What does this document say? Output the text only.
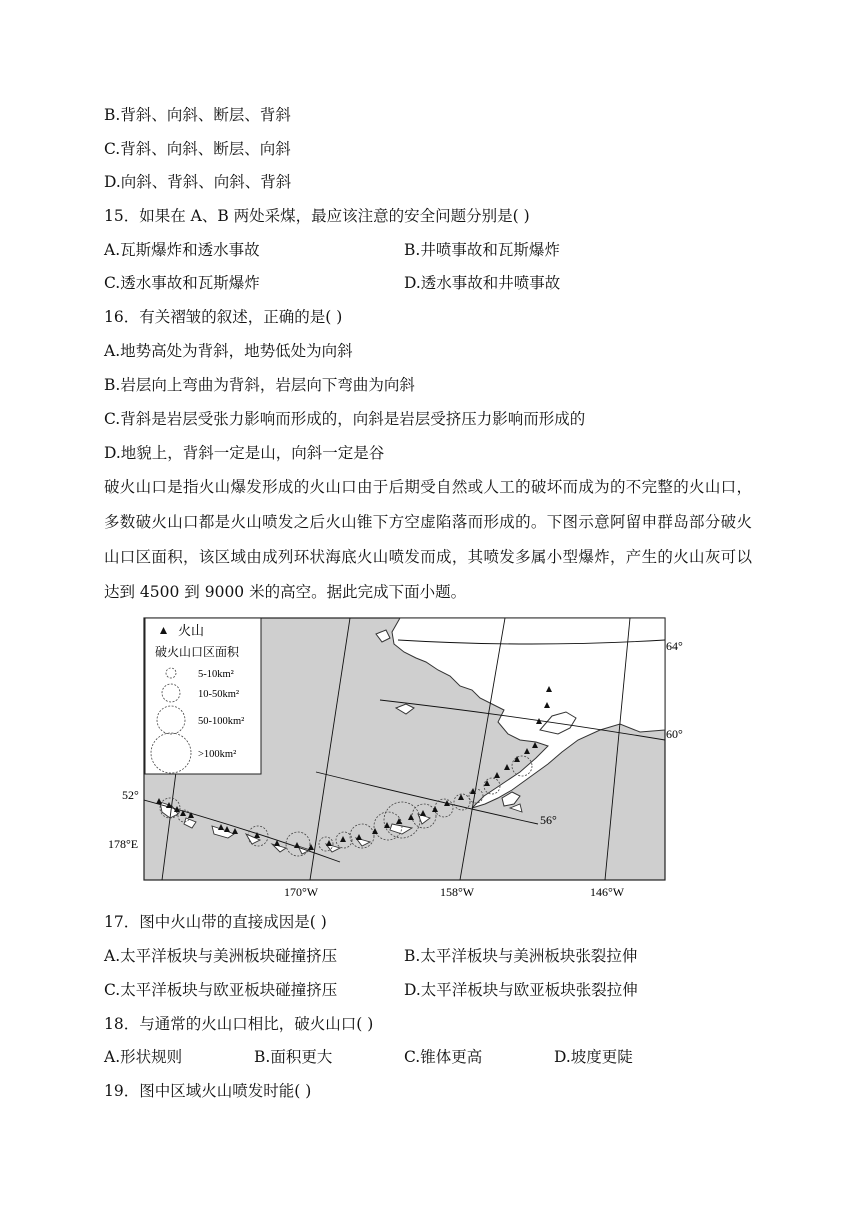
B.背斜、向斜、断层、背斜
C.背斜、向斜、断层、向斜
D.向斜、背斜、向斜、背斜
15．如果在 A、B 两处采煤，最应该注意的安全问题分别是( )
A.瓦斯爆炸和透水事故	B.井喷事故和瓦斯爆炸
C.透水事故和瓦斯爆炸	D.透水事故和井喷事故
16．有关褶皱的叙述，正确的是( )
A.地势高处为背斜，地势低处为向斜
B.岩层向上弯曲为背斜，岩层向下弯曲为向斜
C.背斜是岩层受张力影响而形成的，向斜是岩层受挤压力影响而形成的
D.地貌上，背斜一定是山，向斜一定是谷
破火山口是指火山爆发形成的火山口由于后期受自然或人工的破坏而成为的不完整的火山口，多数破火山口都是火山喷发之后火山锥下方空虚陷落而形成的。下图示意阿留申群岛部分破火山口区面积，该区域由成列环状海底火山喷发而成，其喷发多属小型爆炸，产生的火山灰可以达到 4500 到 9000 米的高空。据此完成下面小题。
火山
破火山口区面积
5-10km²
10-50km²
50-100km²
>100km²
64°
60°
56°
52°
178°E
170°W	158°W	146°W
17．图中火山带的直接成因是( )
A.太平洋板块与美洲板块碰撞挤压	B.太平洋板块与美洲板块张裂拉伸
C.太平洋板块与欧亚板块碰撞挤压	D.太平洋板块与欧亚板块张裂拉伸
18．与通常的火山口相比，破火山口( )
A.形状规则	B.面积更大	C.锥体更高	D.坡度更陡
19．图中区域火山喷发时能( )
